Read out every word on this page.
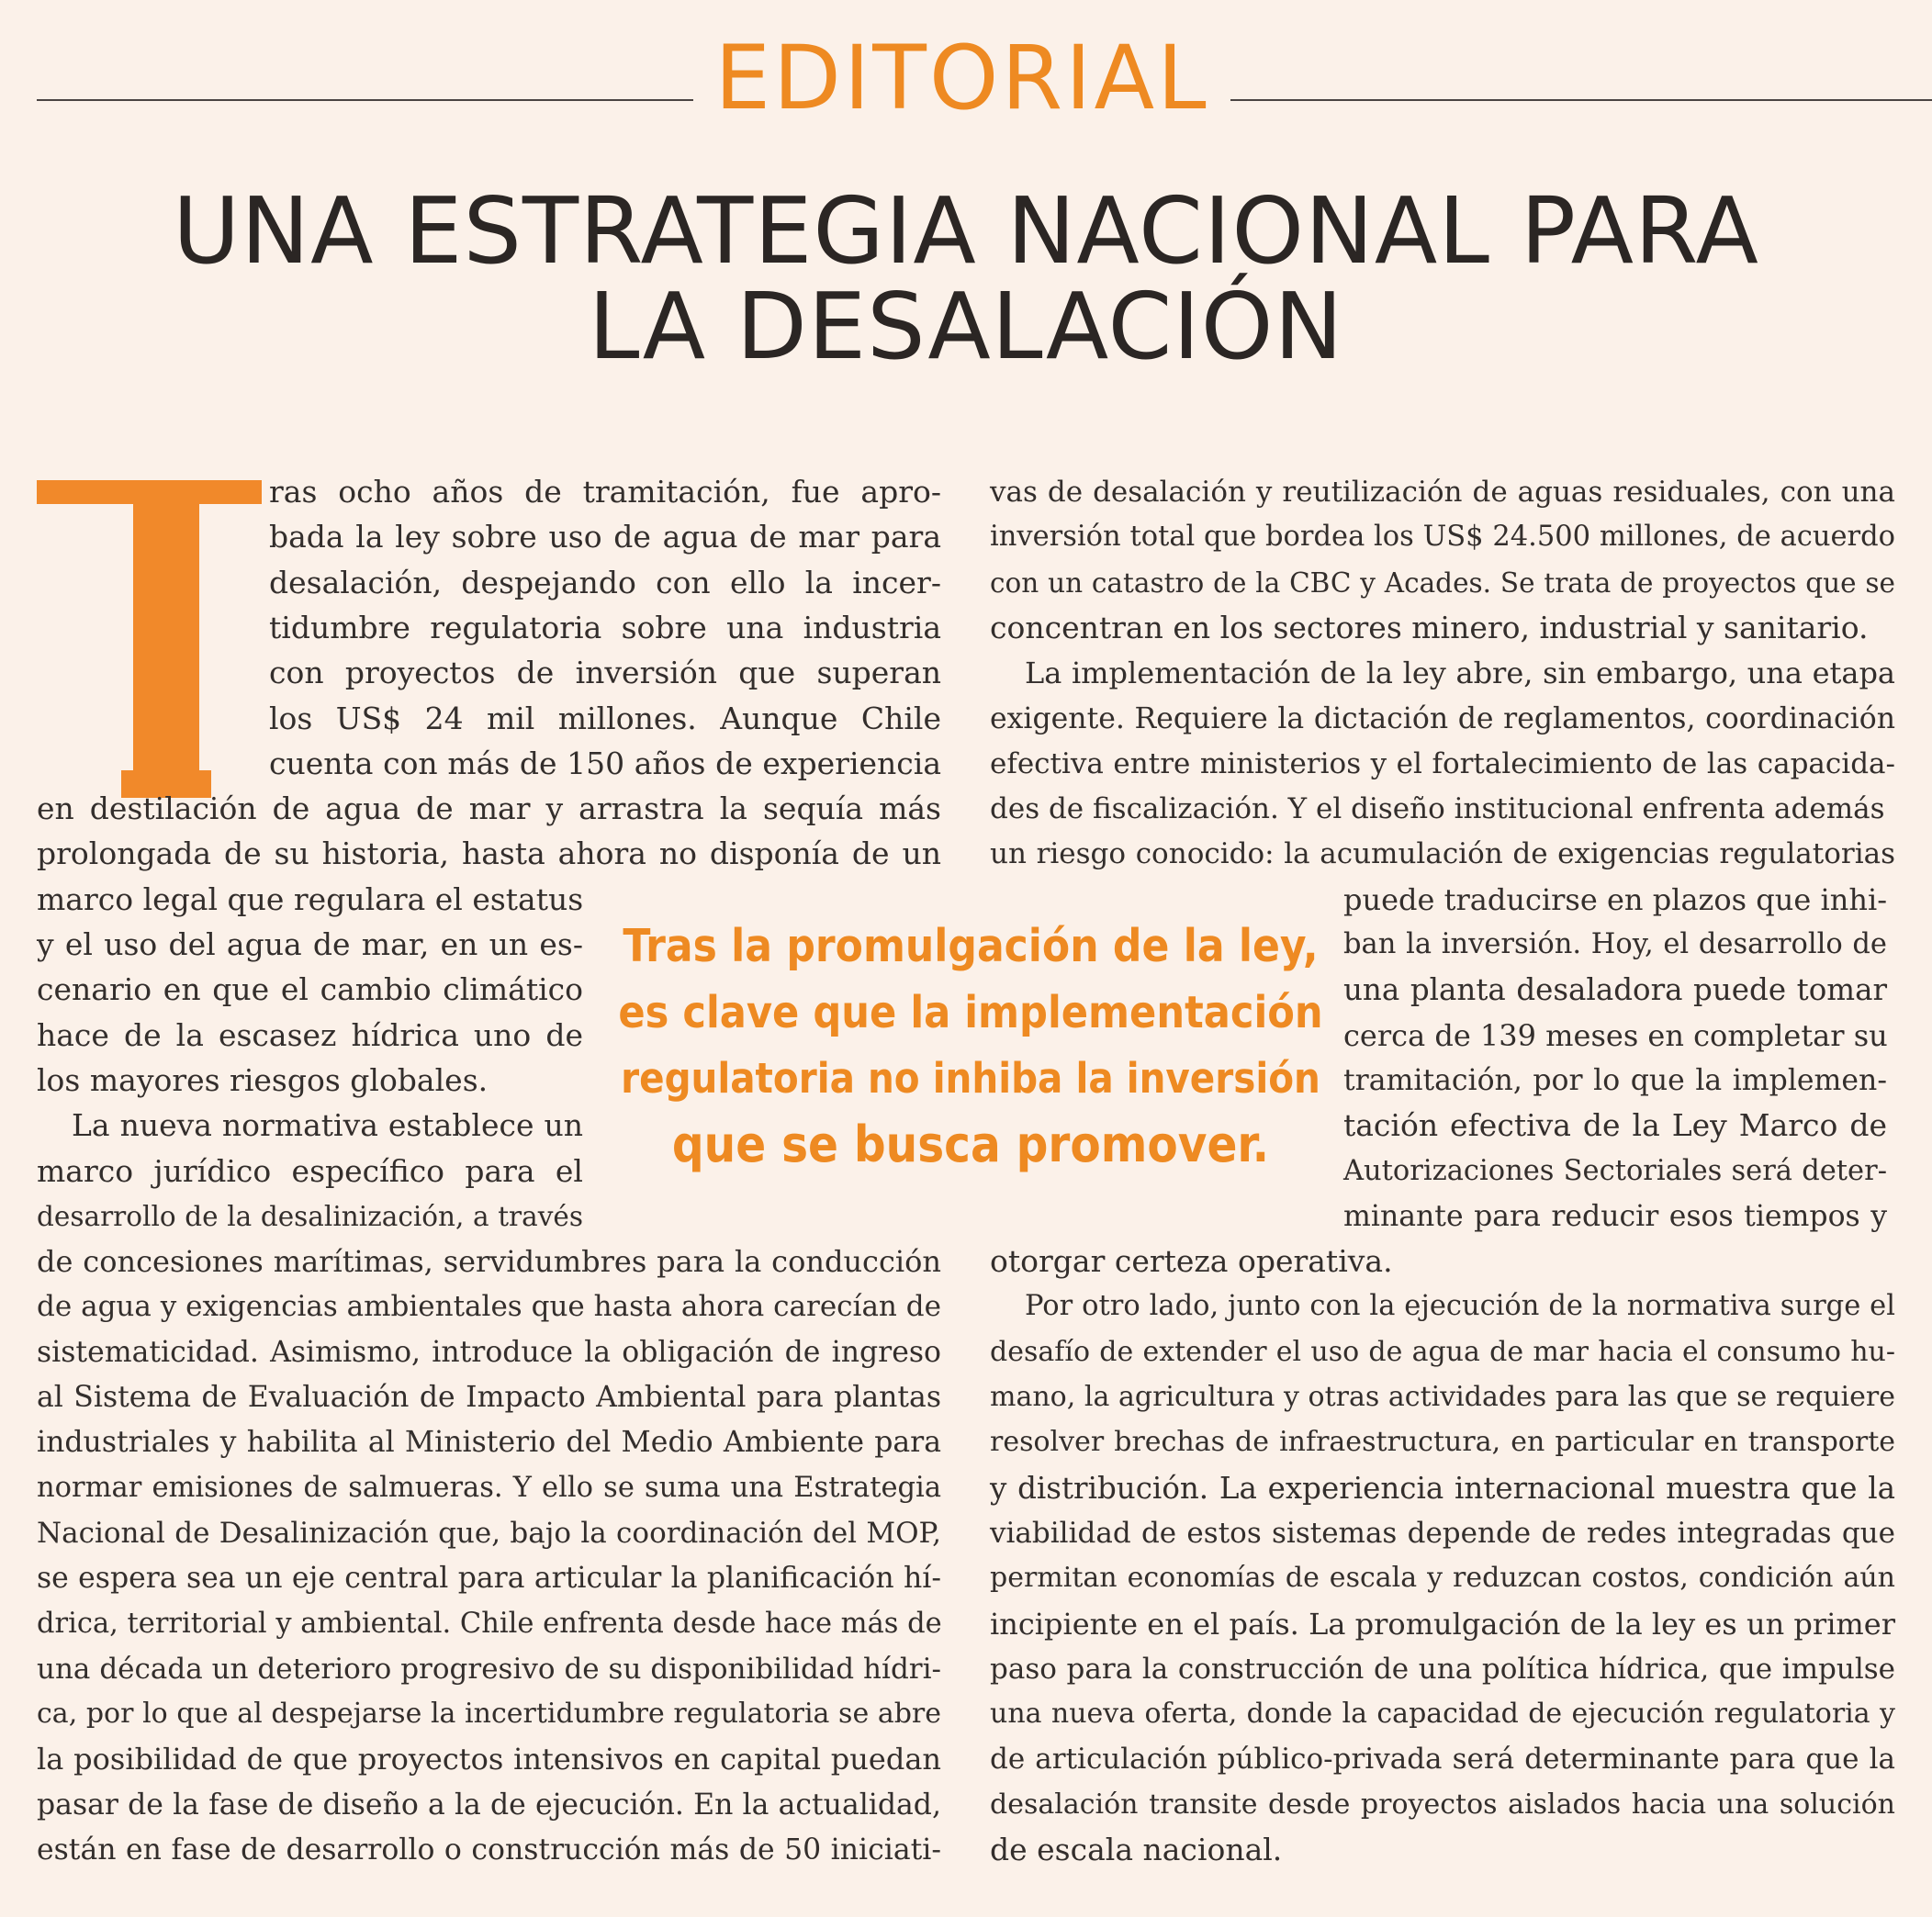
EDITORIAL
UNA ESTRATEGIA NACIONAL PARA
LA DESALACIÓN
Tras la promulgación de la ley,
es clave que la implementación
regulatoria no inhiba la inversión
que se busca promover.
ras ocho años de tramitación, fue apro-
bada la ley sobre uso de agua de mar para
desalación, despejando con ello la incer-
tidumbre regulatoria sobre una industria
con proyectos de inversión que superan
los US$ 24 mil millones. Aunque Chile
cuenta con más de 150 años de experiencia
en destilación de agua de mar y arrastra la sequía más
prolongada de su historia, hasta ahora no disponía de un
marco legal que regulara el estatus
y el uso del agua de mar, en un es-
cenario en que el cambio climático
hace de la escasez hídrica uno de
los mayores riesgos globales.
La nueva normativa establece un
marco jurídico específico para el
desarrollo de la desalinización, a través
de concesiones marítimas, servidumbres para la conducción
de agua y exigencias ambientales que hasta ahora carecían de
sistematicidad. Asimismo, introduce la obligación de ingreso
al Sistema de Evaluación de Impacto Ambiental para plantas
industriales y habilita al Ministerio del Medio Ambiente para
normar emisiones de salmueras. Y ello se suma una Estrategia
Nacional de Desalinización que, bajo la coordinación del MOP,
se espera sea un eje central para articular la planificación hí-
drica, territorial y ambiental. Chile enfrenta desde hace más de
una década un deterioro progresivo de su disponibilidad hídri-
ca, por lo que al despejarse la incertidumbre regulatoria se abre
la posibilidad de que proyectos intensivos en capital puedan
pasar de la fase de diseño a la de ejecución. En la actualidad,
están en fase de desarrollo o construcción más de 50 iniciati-
vas de desalación y reutilización de aguas residuales, con una
inversión total que bordea los US$ 24.500 millones, de acuerdo
con un catastro de la CBC y Acades. Se trata de proyectos que se
concentran en los sectores minero, industrial y sanitario.
La implementación de la ley abre, sin embargo, una etapa
exigente. Requiere la dictación de reglamentos, coordinación
efectiva entre ministerios y el fortalecimiento de las capacida-
des de fiscalización. Y el diseño institucional enfrenta además
un riesgo conocido: la acumulación de exigencias regulatorias
puede traducirse en plazos que inhi-
ban la inversión. Hoy, el desarrollo de
una planta desaladora puede tomar
cerca de 139 meses en completar su
tramitación, por lo que la implemen-
tación efectiva de la Ley Marco de
Autorizaciones Sectoriales será deter-
minante para reducir esos tiempos y
otorgar certeza operativa.
Por otro lado, junto con la ejecución de la normativa surge el
desafío de extender el uso de agua de mar hacia el consumo hu-
mano, la agricultura y otras actividades para las que se requiere
resolver brechas de infraestructura, en particular en transporte
y distribución. La experiencia internacional muestra que la
viabilidad de estos sistemas depende de redes integradas que
permitan economías de escala y reduzcan costos, condición aún
incipiente en el país. La promulgación de la ley es un primer
paso para la construcción de una política hídrica, que impulse
una nueva oferta, donde la capacidad de ejecución regulatoria y
de articulación público-privada será determinante para que la
desalación transite desde proyectos aislados hacia una solución
de escala nacional.
